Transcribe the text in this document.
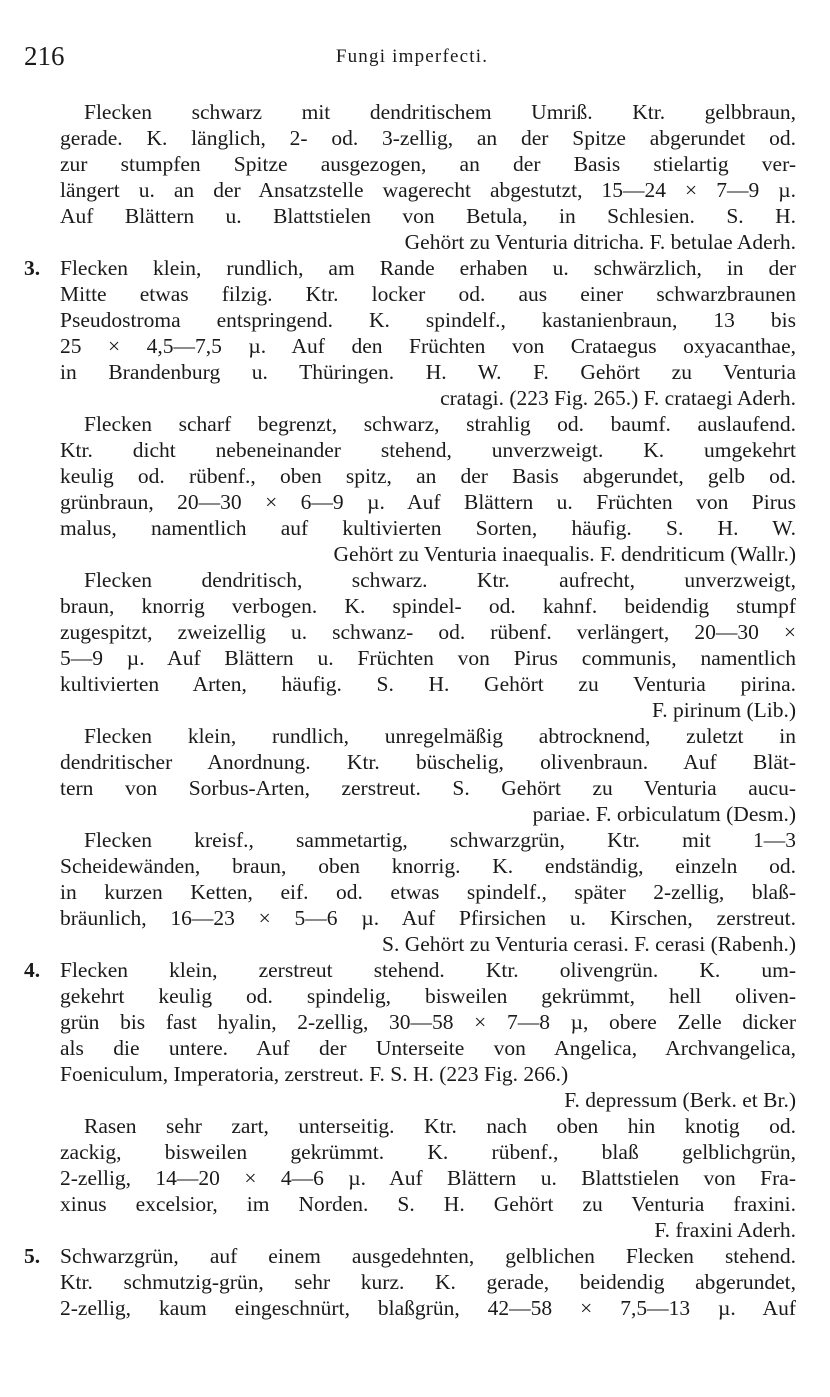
216	Fungi imperfecti.
3.
4.
5.
Flecken schwarz mit dendritischem Umriß. Ktr. gelbbraun,
gerade. K. länglich, 2- od. 3-zellig, an der Spitze abgerundet od.
zur stumpfen Spitze ausgezogen, an der Basis stielartig ver-
längert u. an der Ansatzstelle wagerecht abgestutzt, 15—24 × 7—9 µ.
Auf Blättern u. Blattstielen von Betula, in Schlesien. S. H.
Gehört zu Venturia ditricha. F. betulae Aderh.
Flecken klein, rundlich, am Rande erhaben u. schwärzlich, in der
Mitte etwas filzig. Ktr. locker od. aus einer schwarzbraunen
Pseudostroma entspringend. K. spindelf., kastanienbraun, 13 bis
25 × 4,5—7,5 µ. Auf den Früchten von Crataegus oxyacanthae,
in Brandenburg u. Thüringen. H. W. F. Gehört zu Venturia
cratagi. (223 Fig. 265.) F. crataegi Aderh.
Flecken scharf begrenzt, schwarz, strahlig od. baumf. auslaufend.
Ktr. dicht nebeneinander stehend, unverzweigt. K. umgekehrt
keulig od. rübenf., oben spitz, an der Basis abgerundet, gelb od.
grünbraun, 20—30 × 6—9 µ. Auf Blättern u. Früchten von Pirus
malus, namentlich auf kultivierten Sorten, häufig. S. H. W.
Gehört zu Venturia inaequalis. F. dendriticum (Wallr.)
Flecken dendritisch, schwarz. Ktr. aufrecht, unverzweigt,
braun, knorrig verbogen. K. spindel- od. kahnf. beidendig stumpf
zugespitzt, zweizellig u. schwanz- od. rübenf. verlängert, 20—30 ×
5—9 µ. Auf Blättern u. Früchten von Pirus communis, namentlich
kultivierten Arten, häufig. S. H. Gehört zu Venturia pirina.
F. pirinum (Lib.)
Flecken klein, rundlich, unregelmäßig abtrocknend, zuletzt in
dendritischer Anordnung. Ktr. büschelig, olivenbraun. Auf Blät-
tern von Sorbus-Arten, zerstreut. S. Gehört zu Venturia aucu-
pariae. F. orbiculatum (Desm.)
Flecken kreisf., sammetartig, schwarzgrün, Ktr. mit 1—3
Scheidewänden, braun, oben knorrig. K. endständig, einzeln od.
in kurzen Ketten, eif. od. etwas spindelf., später 2-zellig, blaß-
bräunlich, 16—23 × 5—6 µ. Auf Pfirsichen u. Kirschen, zerstreut.
S. Gehört zu Venturia cerasi. F. cerasi (Rabenh.)
Flecken klein, zerstreut stehend. Ktr. olivengrün. K. um-
gekehrt keulig od. spindelig, bisweilen gekrümmt, hell oliven-
grün bis fast hyalin, 2-zellig, 30—58 × 7—8 µ, obere Zelle dicker
als die untere. Auf der Unterseite von Angelica, Archvangelica,
Foeniculum, Imperatoria, zerstreut. F. S. H. (223 Fig. 266.)
F. depressum (Berk. et Br.)
Rasen sehr zart, unterseitig. Ktr. nach oben hin knotig od.
zackig, bisweilen gekrümmt. K. rübenf., blaß gelblichgrün,
2-zellig, 14—20 × 4—6 µ. Auf Blättern u. Blattstielen von Fra-
xinus excelsior, im Norden. S. H. Gehört zu Venturia fraxini.
F. fraxini Aderh.
Schwarzgrün, auf einem ausgedehnten, gelblichen Flecken stehend.
Ktr. schmutzig-grün, sehr kurz. K. gerade, beidendig abgerundet,
2-zellig, kaum eingeschnürt, blaßgrün, 42—58 × 7,5—13 µ. Auf
